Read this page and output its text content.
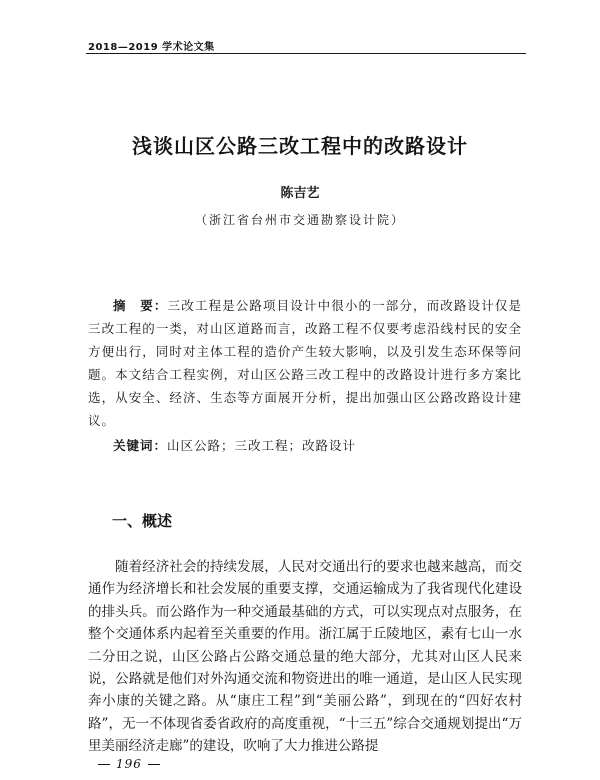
2018—2019 学术论文集
浅谈山区公路三改工程中的改路设计
陈吉艺
（浙江省台州市交通勘察设计院）
摘　要：三改工程是公路项目设计中很小的一部分，而改路设计仅是三改工程的一类，对山区道路而言，改路工程不仅要考虑沿线村民的安全方便出行，同时对主体工程的造价产生较大影响，以及引发生态环保等问题。本文结合工程实例，对山区公路三改工程中的改路设计进行多方案比选，从安全、经济、生态等方面展开分析，提出加强山区公路改路设计建议。
关键词：山区公路；三改工程；改路设计
一、概述
随着经济社会的持续发展，人民对交通出行的要求也越来越高，而交通作为经济增长和社会发展的重要支撑，交通运输成为了我省现代化建设的排头兵。而公路作为一种交通最基础的方式，可以实现点对点服务，在整个交通体系内起着至关重要的作用。浙江属于丘陵地区，素有七山一水二分田之说，山区公路占公路交通总量的绝大部分，尤其对山区人民来说，公路就是他们对外沟通交流和物资进出的唯一通道，是山区人民实现奔小康的关键之路。从“康庄工程”到“美丽公路”，到现在的“四好农村路”，无一不体现省委省政府的高度重视，“十三五”综合交通规划提出“万里美丽经济走廊”的建设，吹响了大力推进公路提
196
